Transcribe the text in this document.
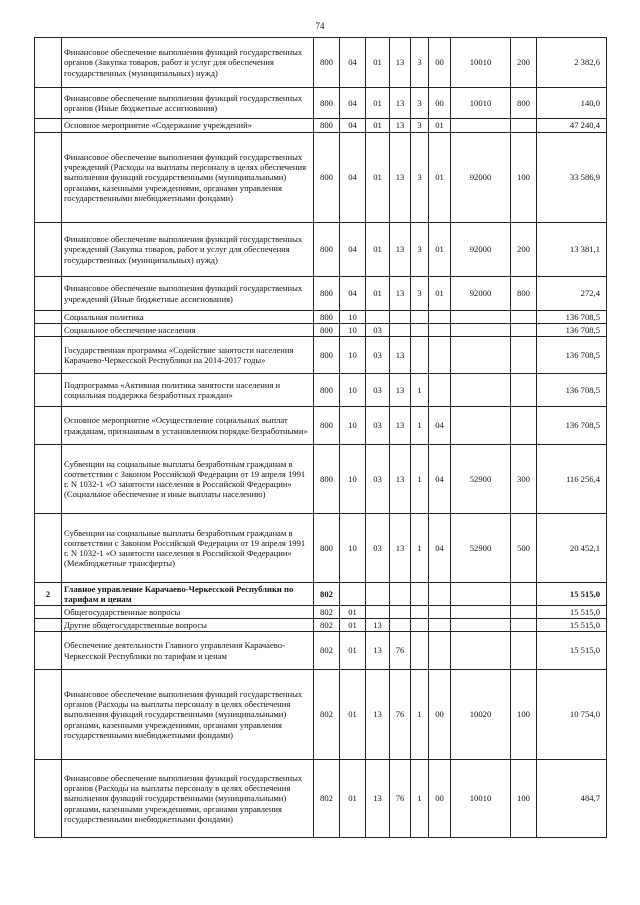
74
	Финансовое обеспечение выполнения функций государственных органов (Закупка товаров, работ и услуг для обеспечения государственных (муниципальных) нужд)	800	04	01	13	3	00	10010	200	2 382,6
	Финансовое обеспечение выполнения функций государственных органов (Иные бюджетные ассигнования)	800	04	01	13	3	00	10010	800	140,0
	Основное мероприятие «Содержание учреждений»	800	04	01	13	3	01			47 240,4
	Финансовое обеспечение выполнения функций государственных учреждений (Расходы на выплаты персоналу в целях обеспечения выполнения функций государственными (муниципальными) органами, казенными учреждениями, органами управления государственными внебюджетными фондами)	800	04	01	13	3	01	92000	100	33 586,9
	Финансовое обеспечение выполнения функций государственных учреждений (Закупка товаров, работ и услуг для обеспечения государственных (муниципальных) нужд)	800	04	01	13	3	01	92000	200	13 381,1
	Финансовое обеспечение выполнения функций государственных учреждений (Иные бюджетные ассигнования)	800	04	01	13	3	01	92000	800	272,4
	Социальная политика	800	10							136 708,5
	Социальное обеспечение населения	800	10	03						136 708,5
	Государственная программа «Содействие занятости населения Карачаево-Черкесской Республики на 2014-2017 годы»	800	10	03	13					136 708,5
	Подпрограмма «Активная политика занятости населения и социальная поддержка безработных граждан»	800	10	03	13	1				136 708,5
	Основное мероприятие «Осуществление социальных выплат гражданам, признанным в установленном порядке безработными»	800	10	03	13	1	04			136 708,5
	Субвенции на социальные выплаты безработным гражданам в соответствии с Законом Российской Федерации от 19 апреля 1991 г. N 1032-1 «О занятости населения в Российской Федерации» (Социальное обеспечение и иные выплаты населению)	800	10	03	13	1	04	52900	300	116 256,4
	Субвенции на социальные выплаты безработным гражданам в соответствии с Законом Российской Федерации от 19 апреля 1991 г. N 1032-1 «О занятости населения в Российской Федерации» (Межбюджетные трансферты)	800	10	03	13	1	04	52900	500	20 452,1
2	Главное управление Карачаево-Черкесской Республики по тарифам и ценам	802								15 515,0
	Общегосударственные вопросы	802	01							15 515,0
	Другие общегосударственные вопросы	802	01	13						15 515,0
	Обеспечение деятельности Главного управления Карачаево-Черкесской Республики по тарифам и ценам	802	01	13	76					15 515,0
	Финансовое обеспечение выполнения функций государственных органов (Расходы на выплаты персоналу в целях обеспечения выполнения функций государственными (муниципальными) органами, казенными учреждениями, органами управления государственными внебюджетными фондами)	802	01	13	76	1	00	10020	100	10 754,0
	Финансовое обеспечение выполнения функций государственных органов (Расходы на выплаты персоналу в целях обеспечения выполнения функций государственными (муниципальными) органами, казенными учреждениями, органами управления государственными внебюджетными фондами)	802	01	13	76	1	00	10010	100	484,7
